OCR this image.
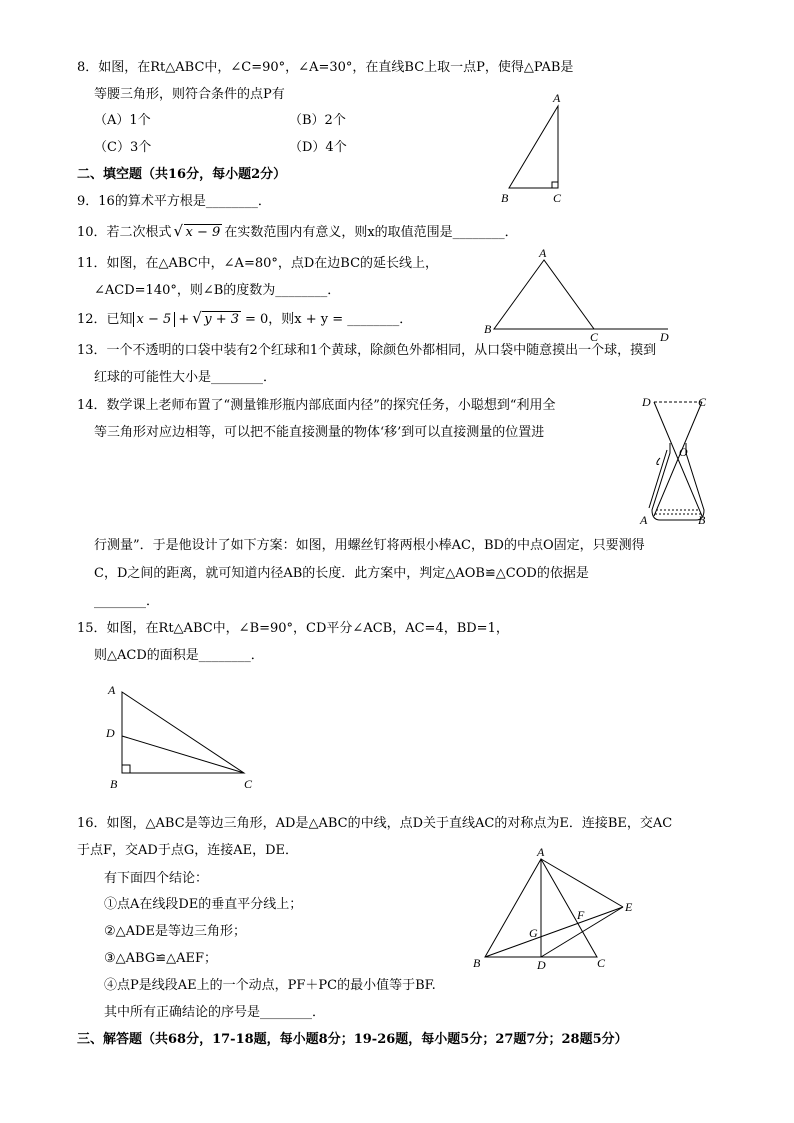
8．如图，在Rt△ABC中，∠C=90°，∠A=30°，在直线BC上取一点P，使得△PAB是
等腰三角形，则符合条件的点P有
（A）1个	（B）2个
（C）3个	（D）4个
A
B	C
二、填空题（共16分，每小题2分）
9．16的算术平方根是________．
10．若二次根式 √ x − 9 在实数范围内有意义，则x的取值范围是________．
11．如图，在△ABC中，∠A=80°，点D在边BC的延长线上，
∠ACD=140°，则∠B的度数为________．
A
B
C	D
12．已知 x − 5 + √ y + 3 = 0，则x + y = ________．
13．一个不透明的口袋中装有2个红球和1个黄球，除颜色外都相同，从口袋中随意摸出一个球，摸到
红球的可能性大小是________．
14．数学课上老师布置了“测量锥形瓶内部底面内径”的探究任务，小聪想到“利用全
等三角形对应边相等，可以把不能直接测量的物体‘移’到可以直接测量的位置进
行测量”．于是他设计了如下方案：如图，用螺丝钉将两根小棒AC，BD的中点O固定，只要测得
C，D之间的距离，就可知道内径AB的长度．此方案中，判定△AOB≌△COD的依据是
________．
D	C
O
A	B
15．如图，在Rt△ABC中，∠B=90°，CD平分∠ACB，AC=4，BD=1，
则△ACD的面积是________．
A
D
B	C
16．如图，△ABC是等边三角形，AD是△ABC的中线，点D关于直线AC的对称点为E．连接BE，交AC
于点F，交AD于点G，连接AE，DE．
有下面四个结论：
①点A在线段DE的垂直平分线上；
②△ADE是等边三角形；
③△ABG≌△AEF；
④点P是线段AE上的一个动点，PF＋PC的最小值等于BF.
其中所有正确结论的序号是________．
A
B	C
D
E
F
G
三、解答题（共68分，17-18题，每小题8分；19-26题，每小题5分；27题7分；28题5分）
